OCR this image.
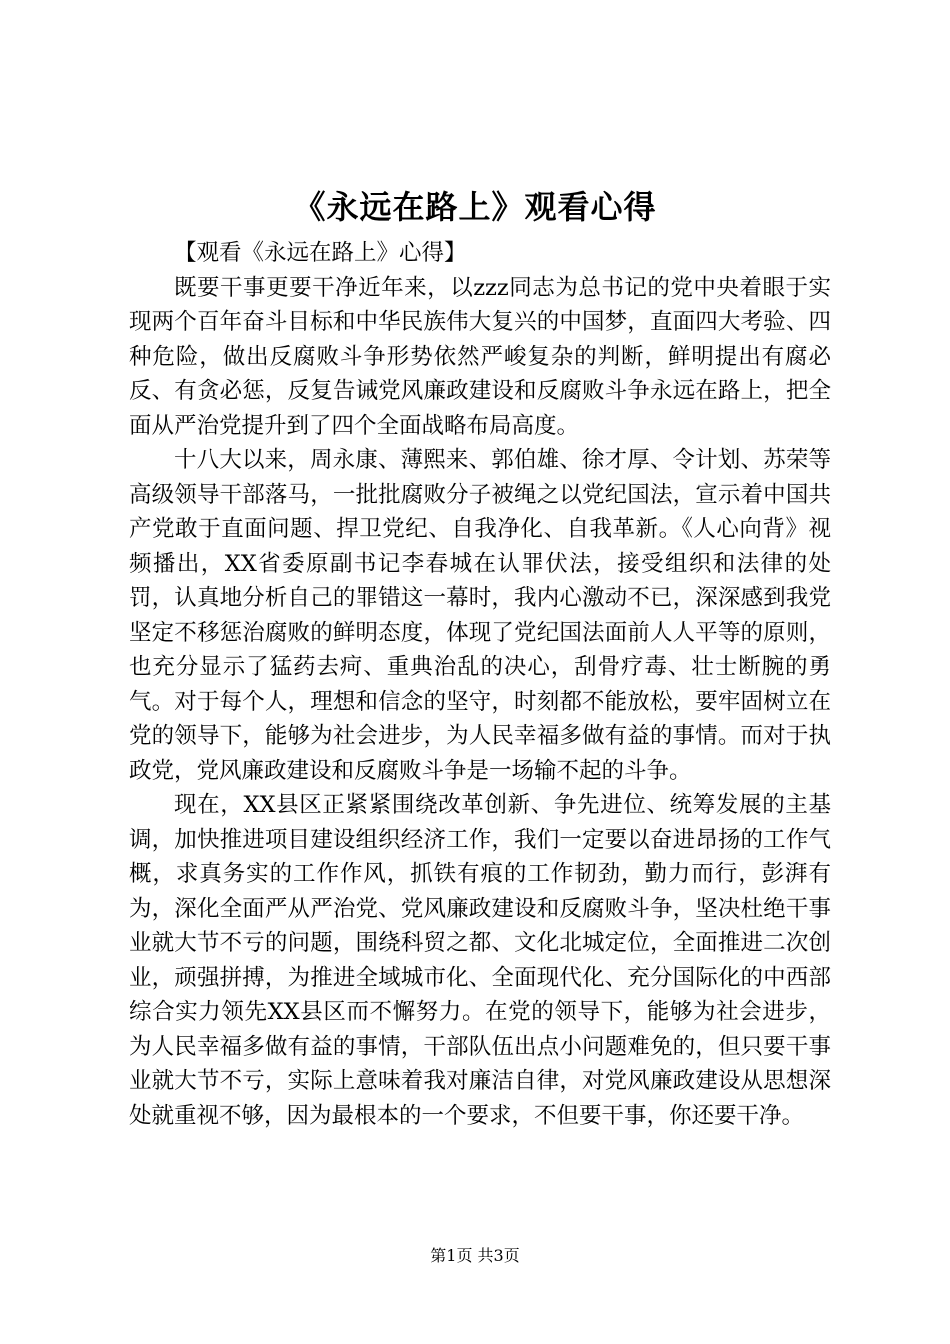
《永远在路上》观看心得

【观看《永远在路上》心得】

既要干事更要干净近年来，以zzz同志为总书记的党中央着眼于实现两个百年奋斗目标和中华民族伟大复兴的中国梦，直面四大考验、四种危险，做出反腐败斗争形势依然严峻复杂的判断，鲜明提出有腐必反、有贪必惩，反复告诫党风廉政建设和反腐败斗争永远在路上，把全面从严治党提升到了四个全面战略布局高度。

十八大以来，周永康、薄熙来、郭伯雄、徐才厚、令计划、苏荣等高级领导干部落马，一批批腐败分子被绳之以党纪国法，宣示着中国共产党敢于直面问题、捍卫党纪、自我净化、自我革新。《人心向背》视频播出，XX省委原副书记李春城在认罪伏法，接受组织和法律的处罚，认真地分析自己的罪错这一幕时，我内心激动不已，深深感到我党坚定不移惩治腐败的鲜明态度，体现了党纪国法面前人人平等的原则，也充分显示了猛药去疴、重典治乱的决心，刮骨疗毒、壮士断腕的勇气。对于每个人，理想和信念的坚守，时刻都不能放松，要牢固树立在党的领导下，能够为社会进步，为人民幸福多做有益的事情。而对于执政党，党风廉政建设和反腐败斗争是一场输不起的斗争。

现在，XX县区正紧紧围绕改革创新、争先进位、统筹发展的主基调，加快推进项目建设组织经济工作，我们一定要以奋进昂扬的工作气概，求真务实的工作作风，抓铁有痕的工作韧劲，勤力而行，彭湃有为，深化全面严从严治党、党风廉政建设和反腐败斗争，坚决杜绝干事业就大节不亏的问题，围绕科贸之都、文化北城定位，全面推进二次创业，顽强拼搏，为推进全域城市化、全面现代化、充分国际化的中西部综合实力领先XX县区而不懈努力。在党的领导下，能够为社会进步，为人民幸福多做有益的事情，干部队伍出点小问题难免的，但只要干事业就大节不亏，实际上意味着我对廉洁自律，对党风廉政建设从思想深处就重视不够，因为最根本的一个要求，不但要干事，你还要干净。

第1页 共3页
